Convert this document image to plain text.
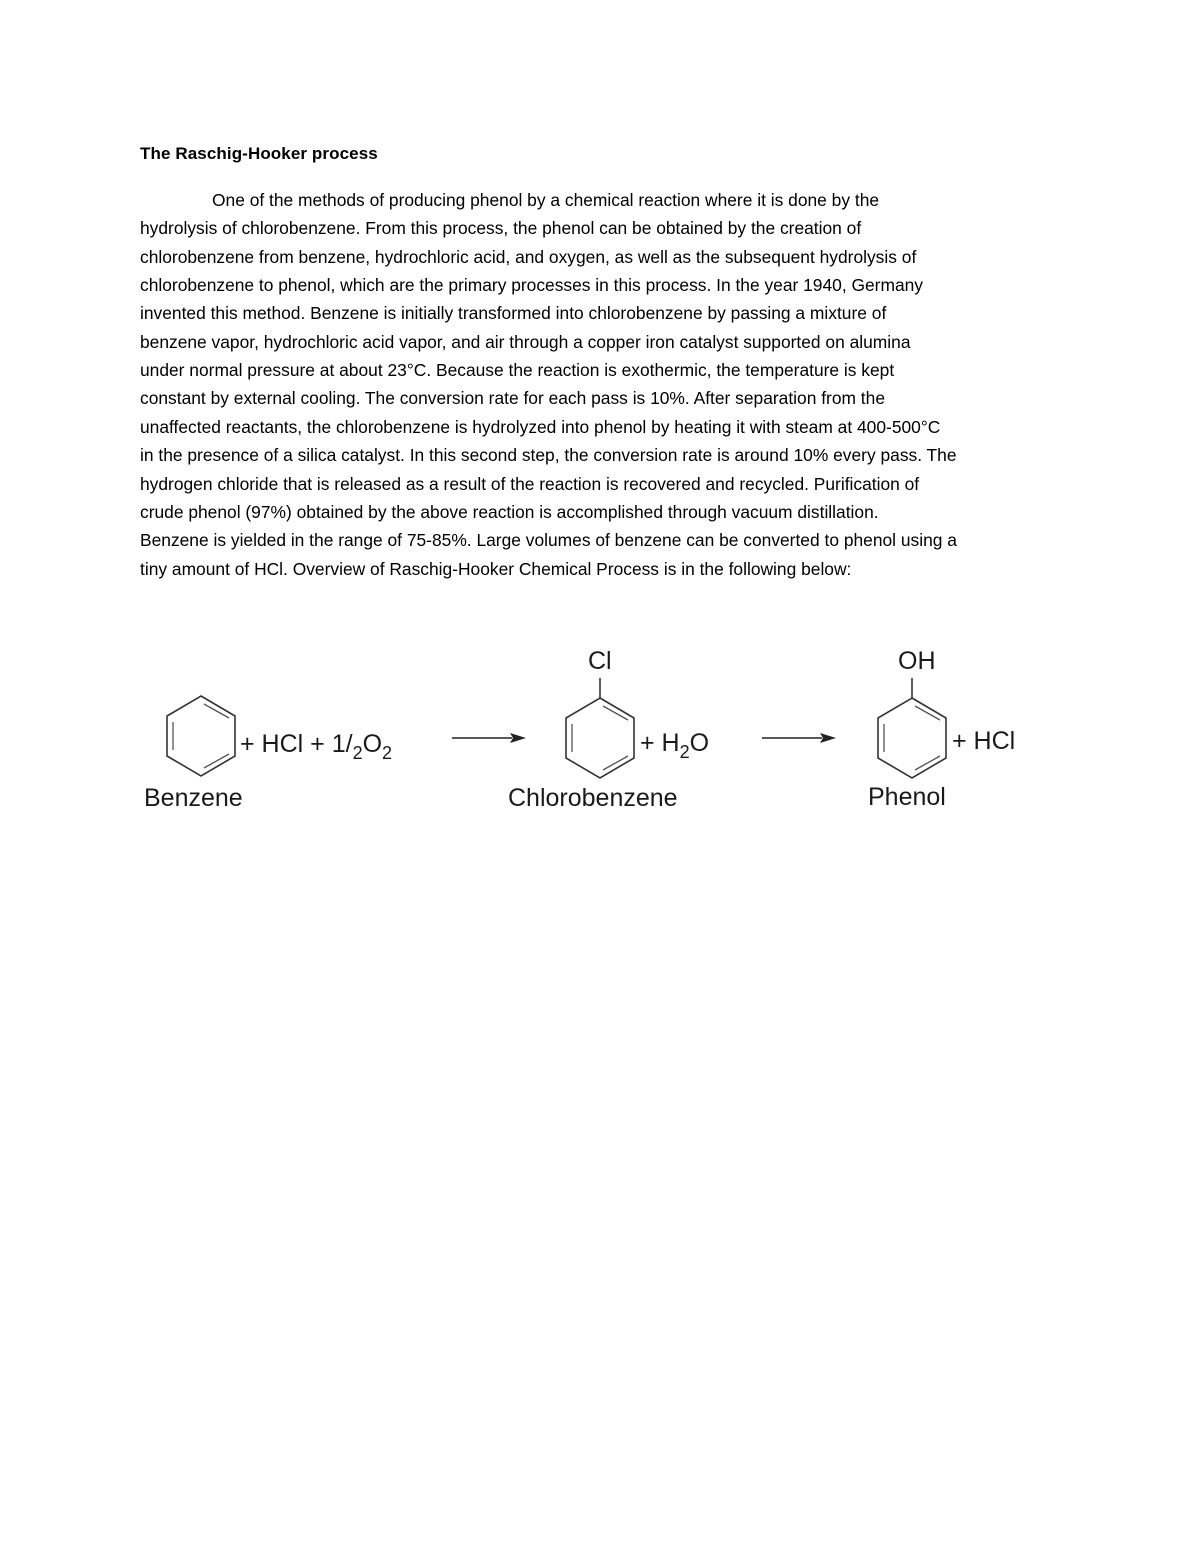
The Raschig-Hooker process
One of the methods of producing phenol by a chemical reaction where it is done by the
hydrolysis of chlorobenzene. From this process, the phenol can be obtained by the creation of
chlorobenzene from benzene, hydrochloric acid, and oxygen, as well as the subsequent hydrolysis of
chlorobenzene to phenol, which are the primary processes in this process. In the year 1940, Germany
invented this method. Benzene is initially transformed into chlorobenzene by passing a mixture of
benzene vapor, hydrochloric acid vapor, and air through a copper iron catalyst supported on alumina
under normal pressure at about 23°C. Because the reaction is exothermic, the temperature is kept
constant by external cooling. The conversion rate for each pass is 10%. After separation from the
unaffected reactants, the chlorobenzene is hydrolyzed into phenol by heating it with steam at 400-500°C
in the presence of a silica catalyst. In this second step, the conversion rate is around 10% every pass. The
hydrogen chloride that is released as a result of the reaction is recovered and recycled. Purification of
crude phenol (97%) obtained by the above reaction is accomplished through vacuum distillation.
Benzene is yielded in the range of 75-85%. Large volumes of benzene can be converted to phenol using a
tiny amount of HCl. Overview of Raschig-Hooker Chemical Process is in the following below:
+ HCl + $1/_2O_2$
Benzene
Cl
+ $H_2O$
Chlorobenzene
OH
+ HCl
Phenol
